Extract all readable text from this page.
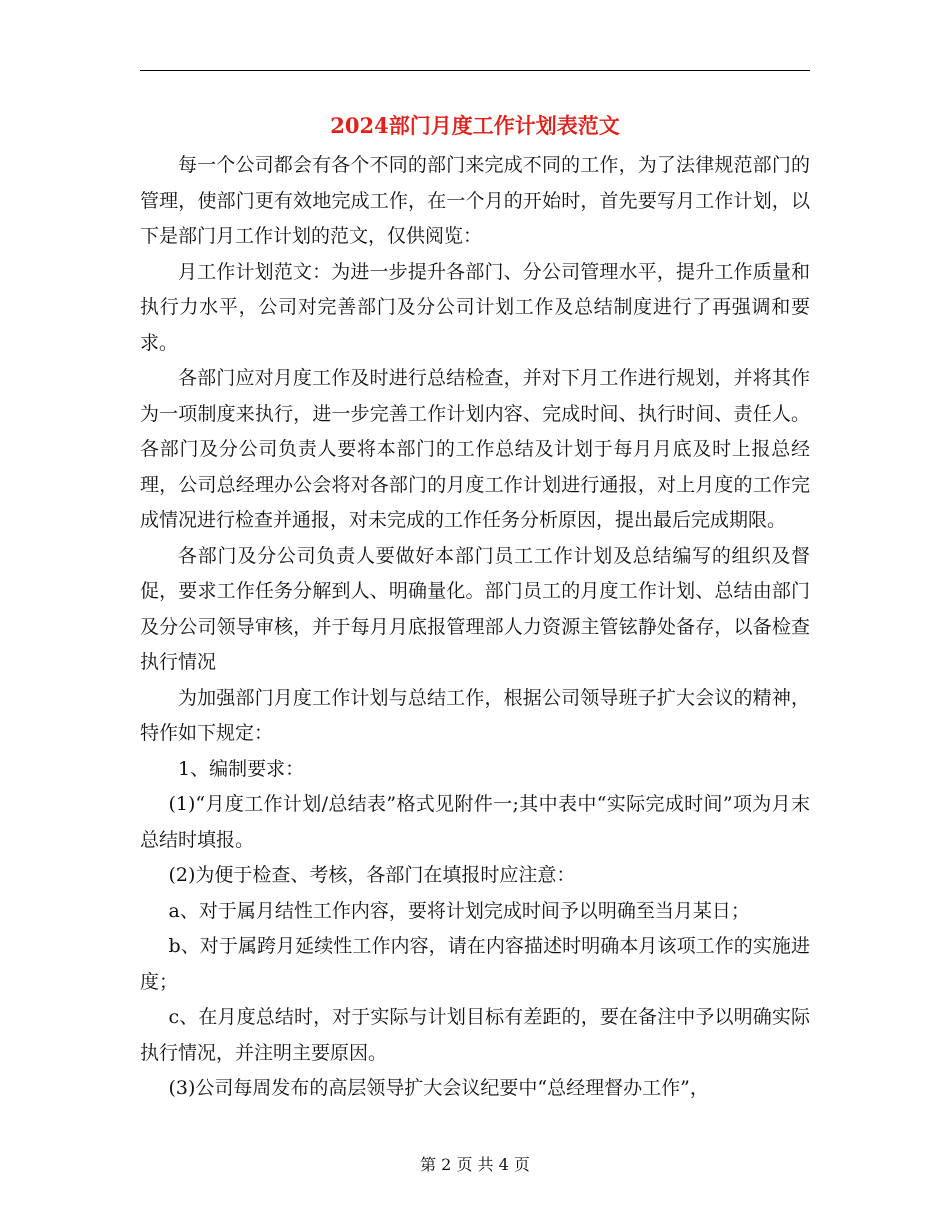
2024部门月度工作计划表范文

每一个公司都会有各个不同的部门来完成不同的工作，为了法律规范部门的管理，使部门更有效地完成工作，在一个月的开始时，首先要写月工作计划，以下是部门月工作计划的范文，仅供阅览：

月工作计划范文：为进一步提升各部门、分公司管理水平，提升工作质量和执行力水平，公司对完善部门及分公司计划工作及总结制度进行了再强调和要求。

各部门应对月度工作及时进行总结检查，并对下月工作进行规划，并将其作为一项制度来执行，进一步完善工作计划内容、完成时间、执行时间、责任人。各部门及分公司负责人要将本部门的工作总结及计划于每月月底及时上报总经理，公司总经理办公会将对各部门的月度工作计划进行通报，对上月度的工作完成情况进行检查并通报，对未完成的工作任务分析原因，提出最后完成期限。

各部门及分公司负责人要做好本部门员工工作计划及总结编写的组织及督促，要求工作任务分解到人、明确量化。部门员工的月度工作计划、总结由部门及分公司领导审核，并于每月月底报管理部人力资源主管铉静处备存，以备检查执行情况

为加强部门月度工作计划与总结工作，根据公司领导班子扩大会议的精神，特作如下规定：

1、编制要求：

(1)“月度工作计划/总结表”格式见附件一;其中表中“实际完成时间”项为月末总结时填报。

(2)为便于检查、考核，各部门在填报时应注意：

a、对于属月结性工作内容，要将计划完成时间予以明确至当月某日；

b、对于属跨月延续性工作内容，请在内容描述时明确本月该项工作的实施进度；

c、在月度总结时，对于实际与计划目标有差距的，要在备注中予以明确实际执行情况，并注明主要原因。

(3)公司每周发布的高层领导扩大会议纪要中“总经理督办工作”，

第 2 页 共 4 页
